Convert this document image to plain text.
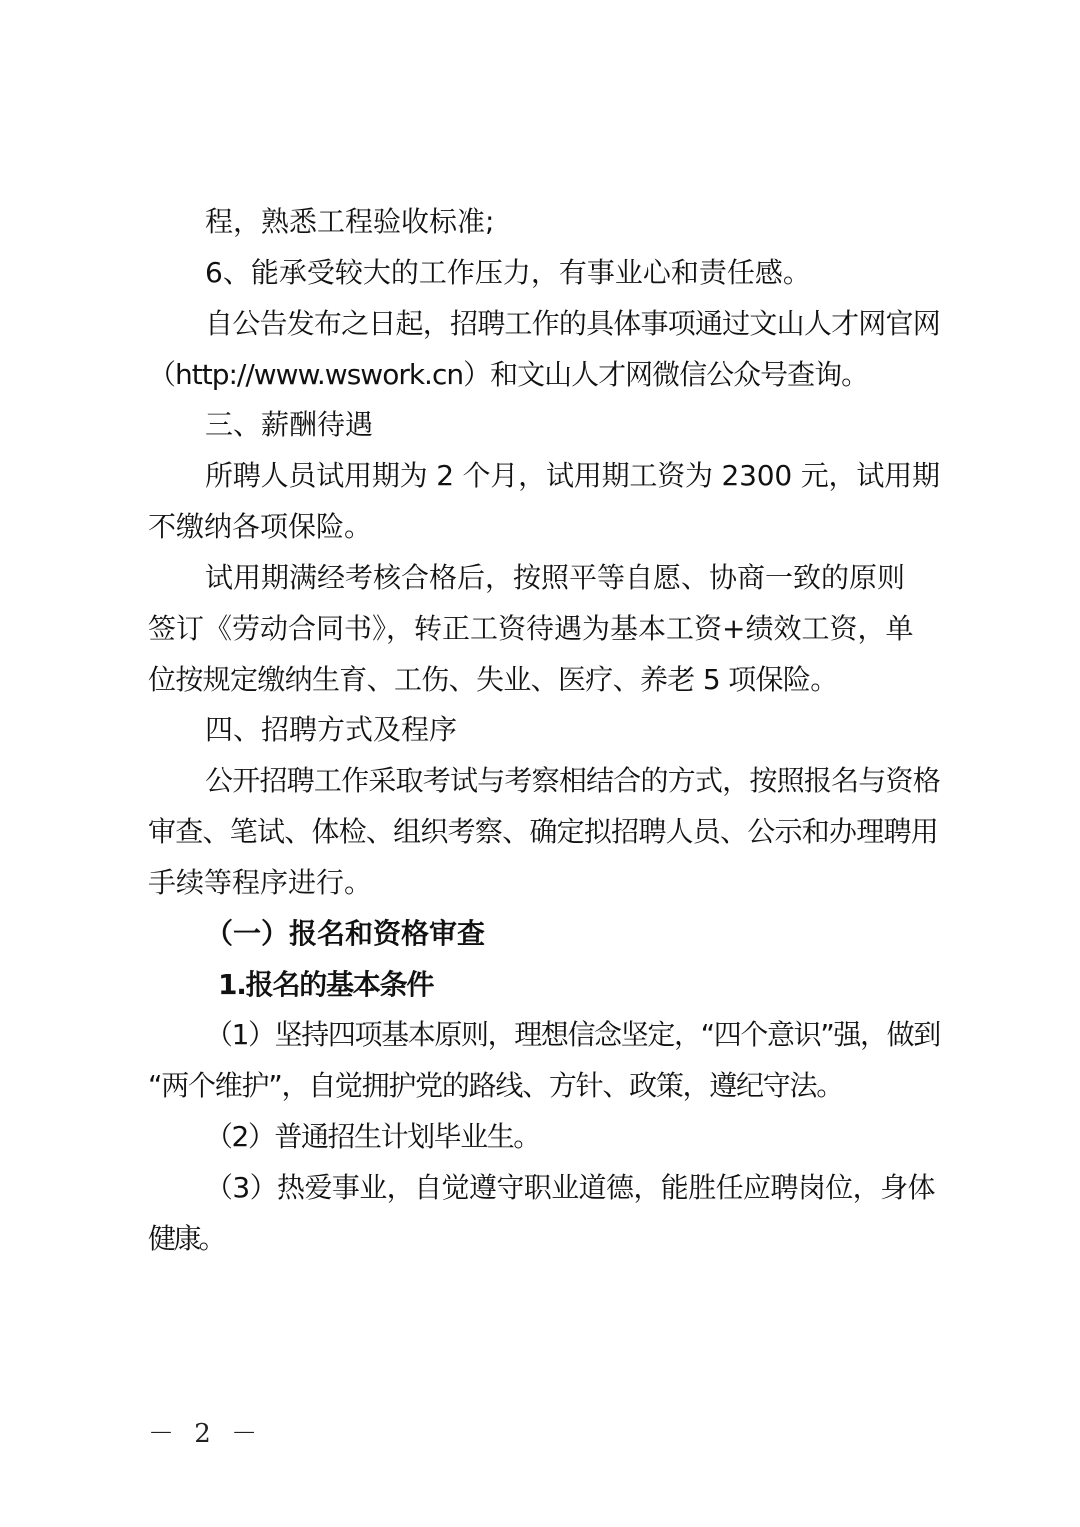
程，熟悉工程验收标准;
6、能承受较大的工作压力，有事业心和责任感。
自公告发布之日起，招聘工作的具体事项通过文山人才网官网
（http://www.wswork.cn）和文山人才网微信公众号查询。
三、薪酬待遇
所聘人员试用期为 2 个月，试用期工资为 2300 元，试用期
不缴纳各项保险。
试用期满经考核合格后，按照平等自愿、协商一致的原则
签订《劳动合同书》，转正工资待遇为基本工资+绩效工资，单
位按规定缴纳生育、工伤、失业、医疗、养老 5 项保险。
四、招聘方式及程序
公开招聘工作采取考试与考察相结合的方式，按照报名与资格
审查、笔试、体检、组织考察、确定拟招聘人员、公示和办理聘用
手续等程序进行。
（一）报名和资格审查
1.报名的基本条件
（1）坚持四项基本原则，理想信念坚定，“四个意识”强，做到
“两个维护”，自觉拥护党的路线、方针、政策，遵纪守法。
（2）普通招生计划毕业生。
（3）热爱事业，自觉遵守职业道德，能胜任应聘岗位，身体
健康。
－ 2 －
